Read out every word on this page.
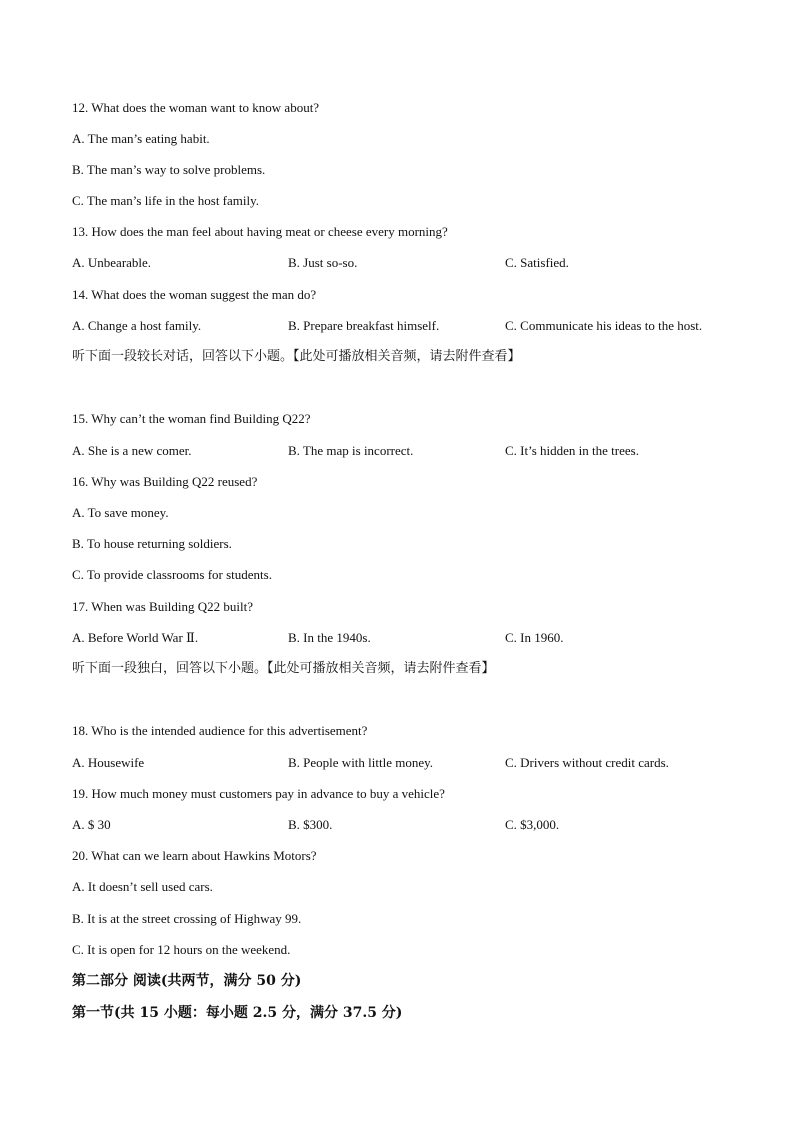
12. What does the woman want to know about?
A. The man’s eating habit.
B. The man’s way to solve problems.
C. The man’s life in the host family.
13. How does the man feel about having meat or cheese every morning?
A. Unbearable.	B. Just so-so.	C. Satisfied.
14. What does the woman suggest the man do?
A. Change a host family.	B. Prepare breakfast himself.	C. Communicate his ideas to the host.
听下面一段较长对话，回答以下小题。【此处可播放相关音频，请去附件查看】
15. Why can’t the woman find Building Q22?
A. She is a new comer.	B. The map is incorrect.	C. It’s hidden in the trees.
16. Why was Building Q22 reused?
A. To save money.
B. To house returning soldiers.
C. To provide classrooms for students.
17. When was Building Q22 built?
A. Before World War Ⅱ.	B. In the 1940s.	C. In 1960.
听下面一段独白，回答以下小题。【此处可播放相关音频，请去附件查看】
18. Who is the intended audience for this advertisement?
A. Housewife	B. People with little money.	C. Drivers without credit cards.
19. How much money must customers pay in advance to buy a vehicle?
A. $ 30	B. $300.	C. $3,000.
20. What can we learn about Hawkins Motors?
A. It doesn’t sell used cars.
B. It is at the street crossing of Highway 99.
C. It is open for 12 hours on the weekend.
第二部分 阅读(共两节，满分 50 分)
第一节(共 15 小题：每小题 2.5 分，满分 37.5 分)
